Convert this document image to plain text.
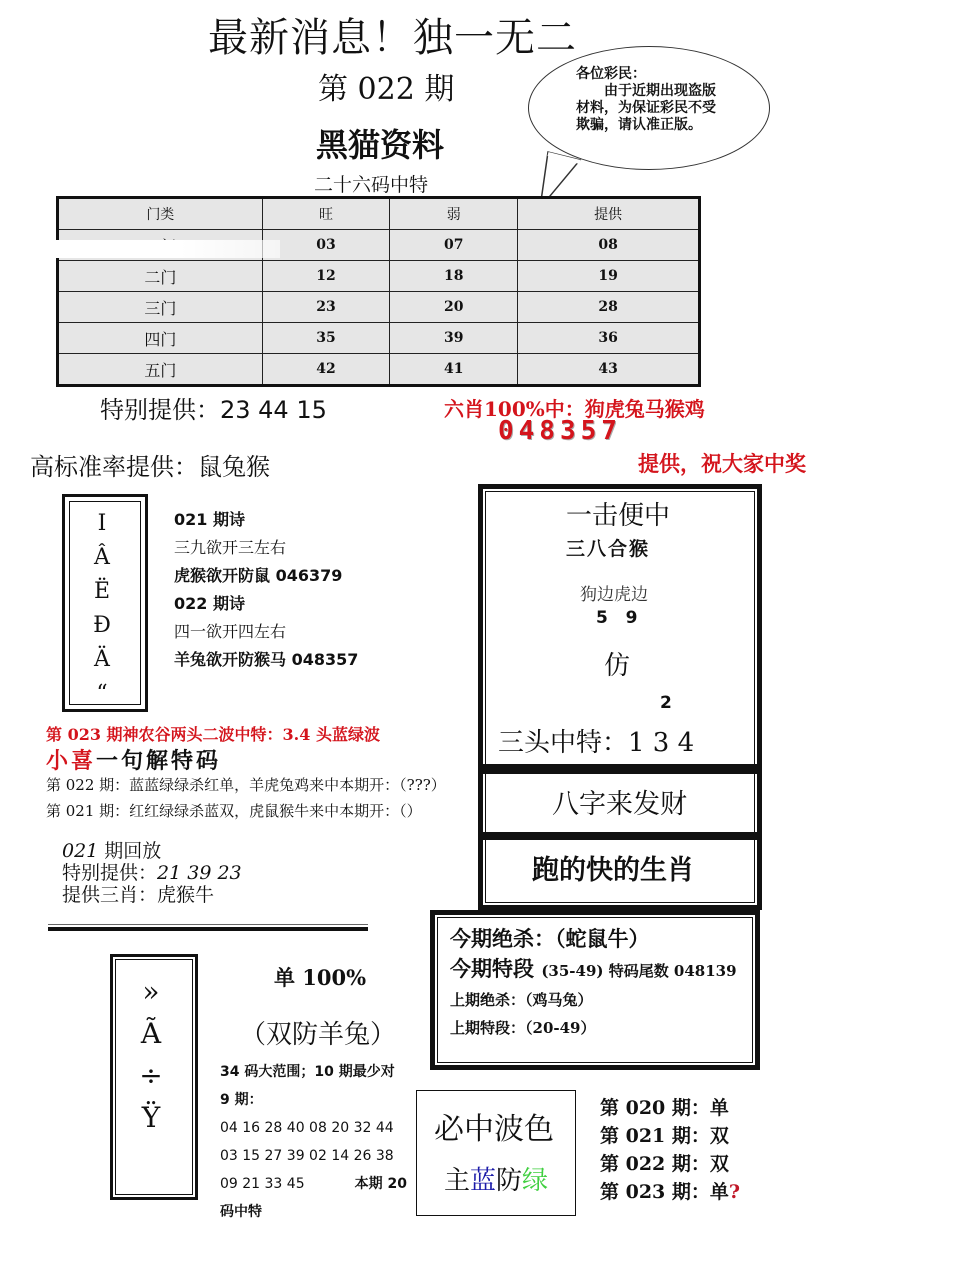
最新消息！独一无二
第 022 期
黑猫资料
二十六码中特
各位彩民：
由于近期出现盗版材料，为保证彩民不受欺骗，请认准正版。
门类	旺	弱	提供
	03	07	08
二门	12	18	19
三门	23	20	28
四门	35	39	36
五门	42	41	43
特别提供：23 44 15	六肖100%中：狗虎兔马猴鸡
048357
高标准率提供：鼠兔猴	提供，祝大家中奖
Ⅰ
Â
Ë
Ð
Ä
“
021 期诗
三九欲开三左右
虎猴欲开防鼠 046379
022 期诗
四一欲开四左右
羊兔欲开防猴马 048357
一击便中
三八合猴
狗边虎边
5   9
仿
2
三头中特：1 3 4
八字来发财
跑的快的生肖
第 023 期神农谷两头二波中特：3.4 头蓝绿波
小喜一句解特码
第 022 期：蓝蓝绿绿杀红单，羊虎兔鸡来中本期开：（???）
第 021 期：红红绿绿杀蓝双，虎鼠猴牛来中本期开：（）
021 期回放
特别提供：21 39 23
提供三肖：虎猴牛
今期绝杀：（蛇鼠牛）
今期特段 (35-49) 特码尾数 048139
上期绝杀：（鸡马兔）
上期特段：（20-49）
»
Ã
÷
Ÿ
单 100%
（双防羊兔）
34 码大范围；10 期最少对
9 期：
04 16 28 40 08 20 32 44
03 15 27 39 02 14 26 38
09 21 33 45	本期 20
码中特
必中波色
主蓝防绿
第 020 期：单
第 021 期：双
第 022 期：双
第 023 期：单?
